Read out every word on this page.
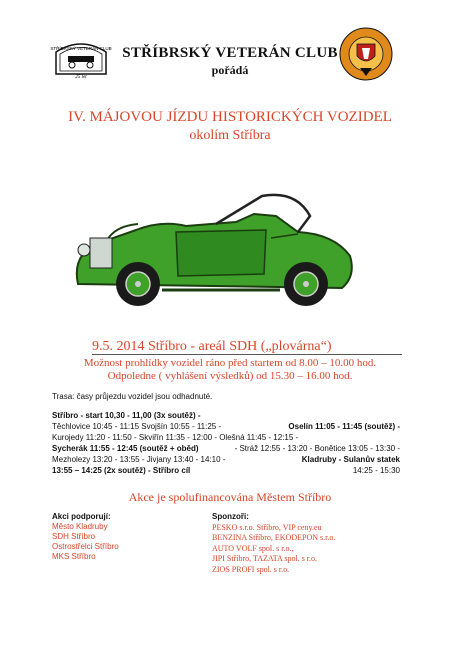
STŘÍBRSKÝ VETERÁN CLUB
25 let
STŘÍBRSKÝ VETERÁN CLUB
pořádá
IV. MÁJOVOU JÍZDU HISTORICKÝCH VOZIDEL
okolím Stříbra
9.5. 2014 Stříbro - areál SDH („plovárna“)
Možnost prohlídky vozidel ráno před startem od 8.00 – 10.00 hod.
Odpoledne ( vyhlášení výsledků) od 15.30 – 16.00 hod.
Trasa: časy průjezdu vozidel jsou odhadnuté.
Stříbro - start 10,30 - 11,00 (3x soutěž) -
Těchlovice 10:45 - 11:15 Svojšín 10:55 - 11:25 -	Oselín 11:05 - 11:45 (soutěž) -
Kurojedy 11:20 - 11:50 - Skviřín 11:35 - 12:00 - Olešná 11:45 - 12:15 -
Sycherák 11:55 - 12:45 (soutěž + oběd)	- Stráž 12:55 - 13:20 - Bonětice 13:05 - 13:30 -
Mezholezy 13:20 - 13:55 - Jivjany 13:40 - 14:10 -	Kladruby - Sulanův statek
13:55 – 14:25 (2x soutěž) - Stříbro cíl	14:25 - 15:30
Akce je spolufinancována Městem Stříbro
Akci podporují:
Město Kladruby
SDH Stříbro
Ostrostřelci Stříbro
MKS Stříbro
Sponzoři:
PESKO s.r.o. Stříbro, VIP ceny.eu
BENZINA Stříbro, EKODEPON s.r.o.
AUTO VOLF spol. s r.o.,
JIPI Stříbro, TAZATA spol. s r.o.
ZIOS PROFI spol. s r.o.
